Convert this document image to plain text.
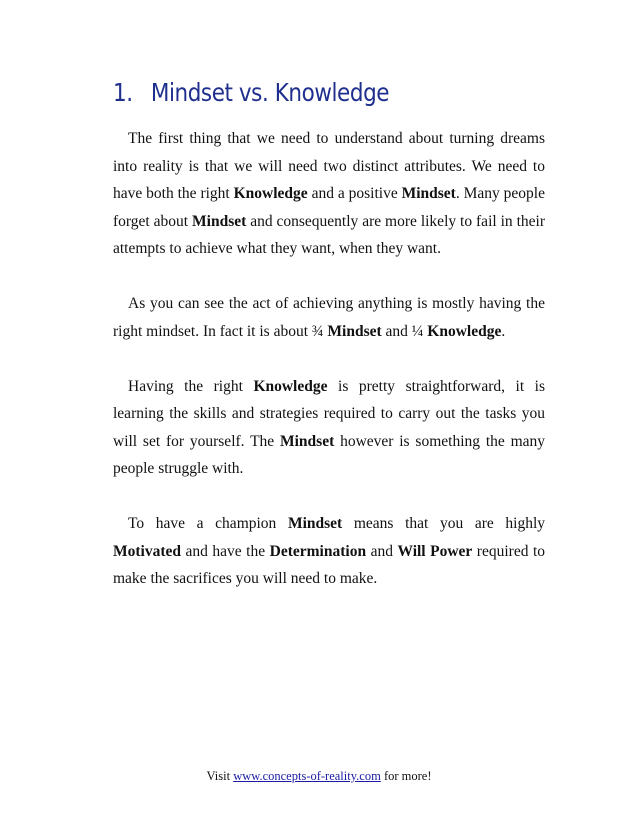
1. Mindset vs. Knowledge

The first thing that we need to understand about turning dreams into reality is that we will need two distinct attributes. We need to have both the right Knowledge and a positive Mindset. Many people forget about Mindset and consequently are more likely to fail in their attempts to achieve what they want, when they want.

As you can see the act of achieving anything is mostly having the right mindset. In fact it is about ¾ Mindset and ¼ Knowledge.

Having the right Knowledge is pretty straightforward, it is learning the skills and strategies required to carry out the tasks you will set for yourself. The Mindset however is something the many people struggle with.

To have a champion Mindset means that you are highly Motivated and have the Determination and Will Power required to make the sacrifices you will need to make.

Visit www.concepts-of-reality.com for more!
